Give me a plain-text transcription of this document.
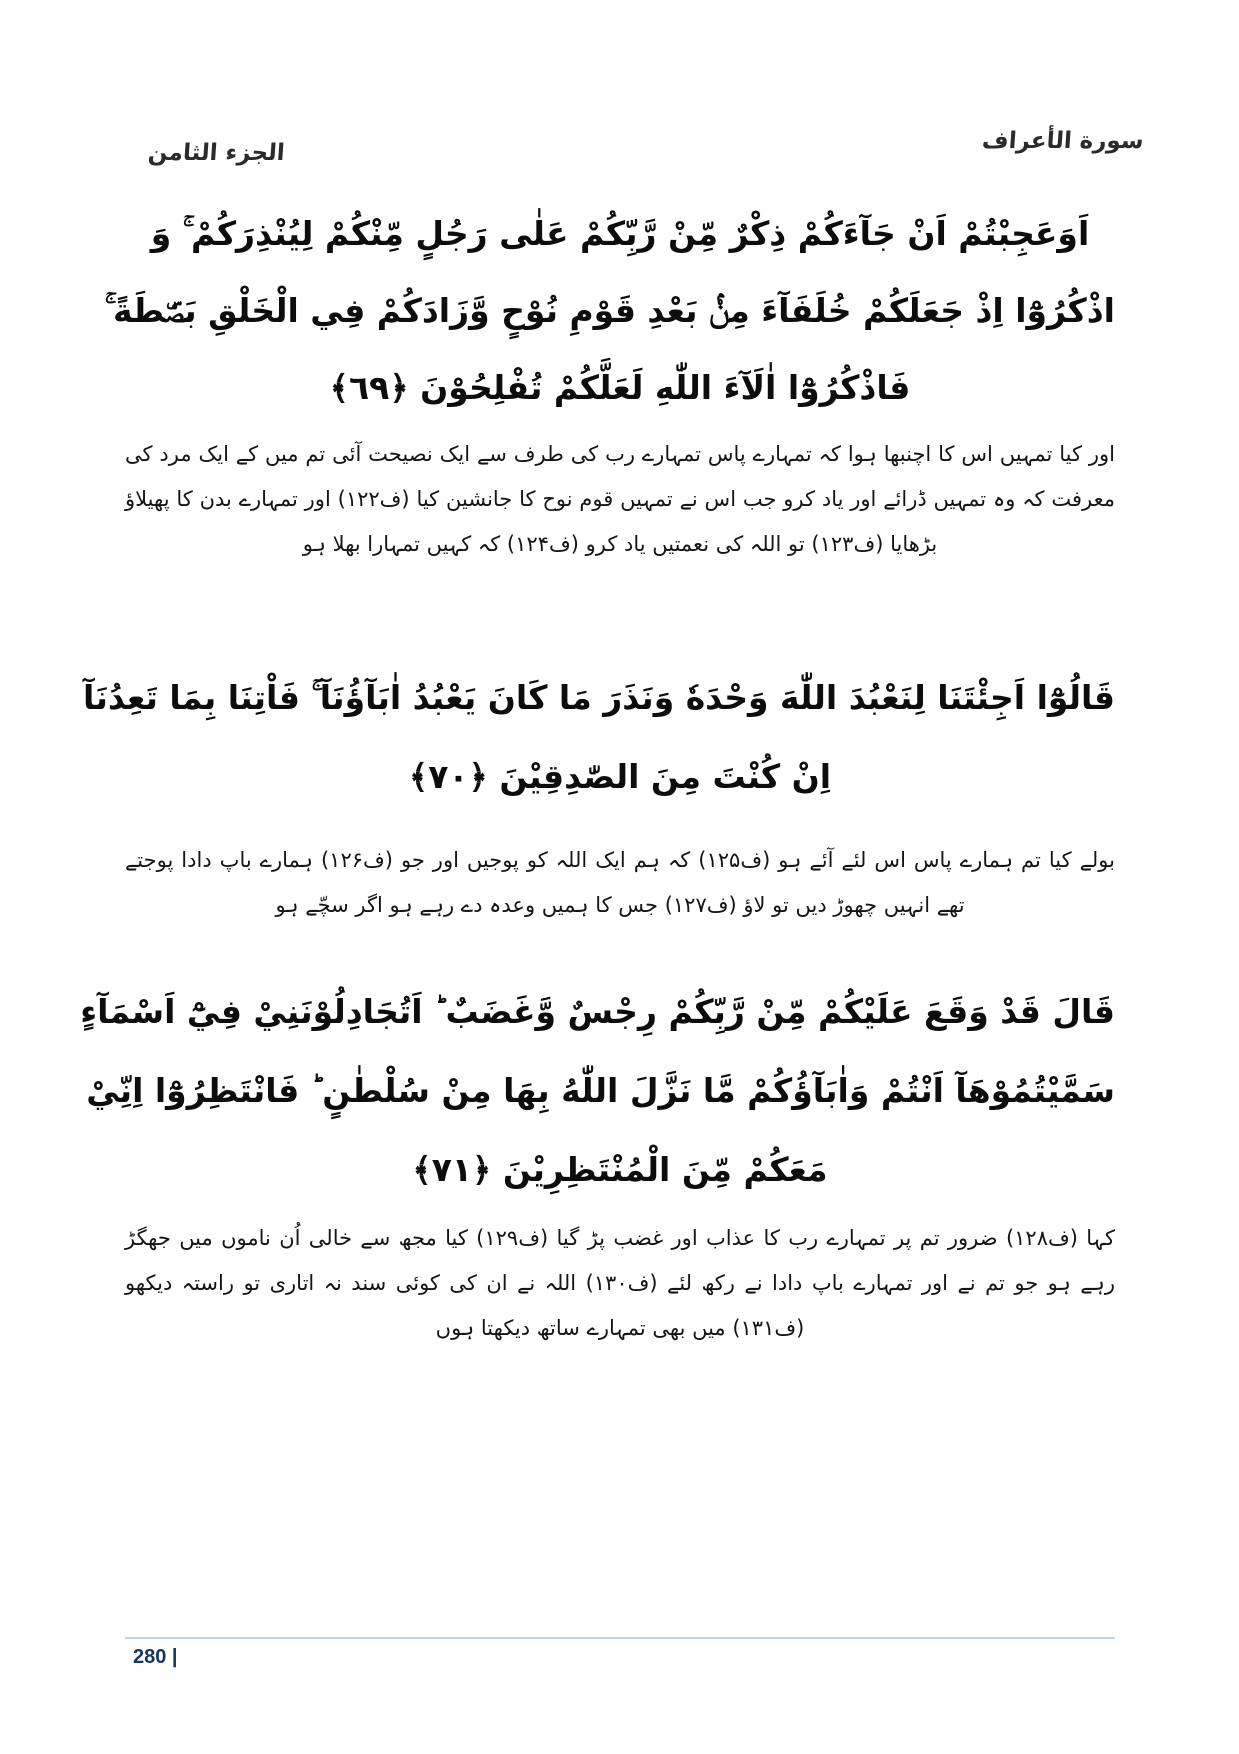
الجزء الثامن	سورة الأعراف
اَوَعَجِبْتُمْ اَنْ جَآءَكُمْ ذِكْرٌ مِّنْ رَّبِّكُمْ عَلٰى رَجُلٍ مِّنْكُمْ لِيُنْذِرَكُمْ ۚ وَ
اذْكُرُوْٓا اِذْ جَعَلَكُمْ خُلَفَآءَ مِنْۢ بَعْدِ قَوْمِ نُوْحٍ وَّزَادَكُمْ فِي الْخَلْقِ بَصْۜطَةً ۚ
فَاذْكُرُوْٓا اٰلَآءَ اللّٰهِ لَعَلَّكُمْ تُفْلِحُوْنَ ﴿٦٩﴾
اور کیا تمہیں اس کا اچنبھا ہوا کہ تمہارے پاس تمہارے رب کی طرف سے ایک نصیحت آئی تم میں کے ایک مرد کی معرفت کہ وہ تمہیں ڈرائے اور یاد کرو جب اس نے تمہیں قوم نوح کا جانشین کیا (ف۱۲۲) اور تمہارے بدن کا پھیلاؤ بڑھایا (ف۱۲۳) تو اللہ کی نعمتیں یاد کرو (ف۱۲۴) کہ کہیں تمہارا بھلا ہو
قَالُوْٓا اَجِئْتَنَا لِنَعْبُدَ اللّٰهَ وَحْدَهٗ وَنَذَرَ مَا كَانَ يَعْبُدُ اٰبَآؤُنَآ ۚ فَاْتِنَا بِمَا تَعِدُنَآ
اِنْ كُنْتَ مِنَ الصّٰدِقِيْنَ ﴿٧٠﴾
بولے کیا تم ہمارے پاس اس لئے آئے ہو (ف۱۲۵) کہ ہم ایک اللہ کو پوجیں اور جو (ف۱۲۶) ہمارے باپ دادا پوجتے تھے انہیں چھوڑ دیں تو لاؤ (ف۱۲۷) جس کا ہمیں وعدہ دے رہے ہو اگر سچّے ہو
قَالَ قَدْ وَقَعَ عَلَيْكُمْ مِّنْ رَّبِّكُمْ رِجْسٌ وَّغَضَبٌ ؕ اَتُجَادِلُوْنَنِيْ فِيْٓ اَسْمَآءٍ
سَمَّيْتُمُوْهَآ اَنْتُمْ وَاٰبَآؤُكُمْ مَّا نَزَّلَ اللّٰهُ بِهَا مِنْ سُلْطٰنٍ ؕ فَانْتَظِرُوْٓا اِنِّيْ
مَعَكُمْ مِّنَ الْمُنْتَظِرِيْنَ ﴿٧١﴾
کہا (ف۱۲۸) ضرور تم پر تمہارے رب کا عذاب اور غضب پڑ گیا (ف۱۲۹) کیا مجھ سے خالی اُن ناموں میں جھگڑ رہے ہو جو تم نے اور تمہارے باپ دادا نے رکھ لئے (ف۱۳۰) اللہ نے ان کی کوئی سند نہ اتاری تو راستہ دیکھو (ف۱۳۱) میں بھی تمہارے ساتھ دیکھتا ہوں
280 |
